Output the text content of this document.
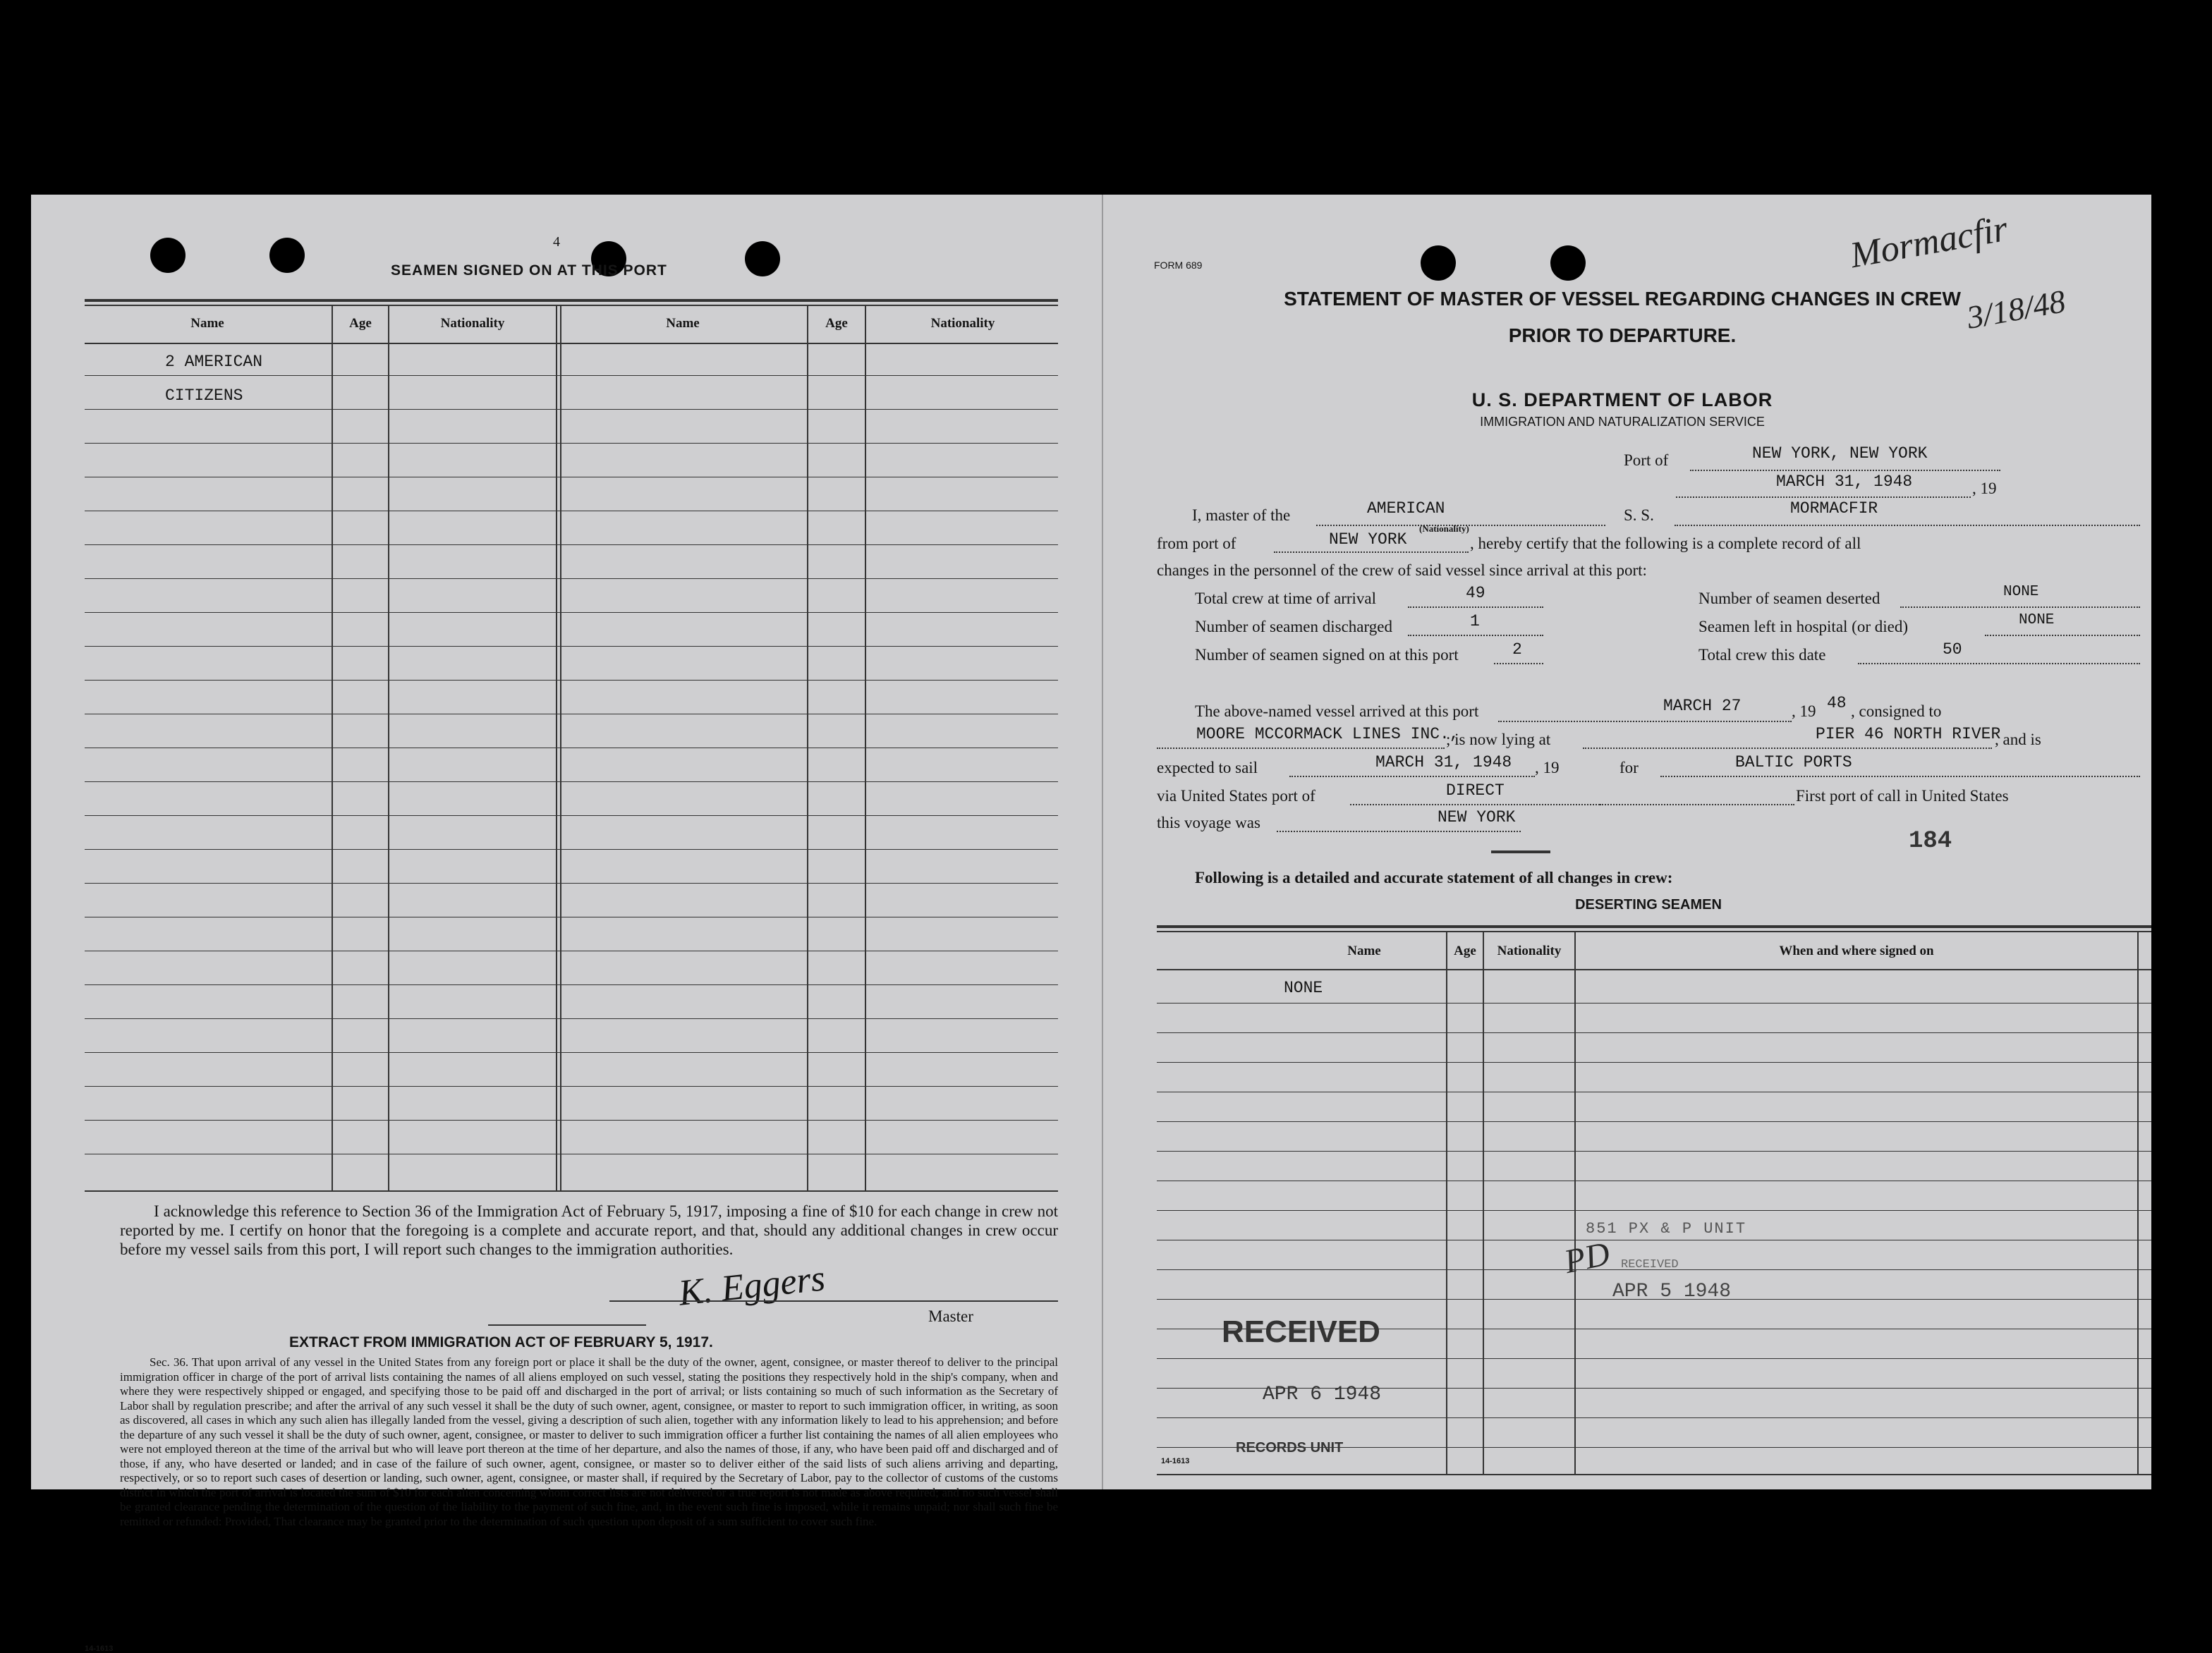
4
SEAMEN SIGNED ON AT THIS PORT
Name	Age	Nationality	Name	Age	Nationality
2 AMERICAN
CITIZENS
I acknowledge this reference to Section 36 of the Immigration Act of February 5, 1917, imposing a fine of $10 for each change in crew not reported by me. I certify on honor that the foregoing is a complete and accurate report, and that, should any additional changes in crew occur before my vessel sails from this port, I will report such changes to the immigration authorities.
K. Eggers
Master
EXTRACT FROM IMMIGRATION ACT OF FEBRUARY 5, 1917.
Sec. 36. That upon arrival of any vessel in the United States from any foreign port or place it shall be the duty of the owner, agent, consignee, or master thereof to deliver to the principal immigration officer in charge of the port of arrival lists containing the names of all aliens employed on such vessel, stating the positions they respectively hold in the ship's company, when and where they were respectively shipped or engaged, and specifying those to be paid off and discharged in the port of arrival; or lists containing so much of such information as the Secretary of Labor shall by regulation prescribe; and after the arrival of any such vessel it shall be the duty of such owner, agent, consignee, or master to report to such immigration officer, in writing, as soon as discovered, all cases in which any such alien has illegally landed from the vessel, giving a description of such alien, together with any information likely to lead to his apprehension; and before the departure of any such vessel it shall be the duty of such owner, agent, consignee, or master to deliver to such immigration officer a further list containing the names of all alien employees who were not employed thereon at the time of the arrival but who will leave port thereon at the time of her departure, and also the names of those, if any, who have been paid off and discharged and of those, if any, who have deserted or landed; and in case of the failure of such owner, agent, consignee, or master so to deliver either of the said lists of such aliens arriving and departing, respectively, or so to report such cases of desertion or landing, such owner, agent, consignee, or master shall, if required by the Secretary of Labor, pay to the collector of customs of the customs district in which the port of arrival is located the sum of $10 for each alien concerning whom correct lists are not delivered or a true report is not made as above required; and no such vessel shall be granted clearance pending the determination of the question of the liability to the payment of such fine, and, in the event such fine is imposed, while it remains unpaid; nor shall such fine be remitted or refunded: Provided, That clearance may be granted prior to the determination of such question upon deposit of a sum sufficient to cover such fine.
14-1613
FORM 689	Mormacfir
3/18/48
STATEMENT OF MASTER OF VESSEL REGARDING CHANGES IN CREW
PRIOR TO DEPARTURE.
U. S. DEPARTMENT OF LABOR
IMMIGRATION AND NATURALIZATION SERVICE
Port of	NEW YORK, NEW YORK
MARCH 31, 1948	, 19
I, master of the	AMERICAN	S. S.	MORMACFIR
from port of	NEW YORK
(Nationality)
, hereby certify that the following is a complete record of all
changes in the personnel of the crew of said vessel since arrival at this port:
Total crew at time of arrival	49	Number of seamen deserted	NONE
Number of seamen discharged	1	Seamen left in hospital (or died)	NONE
Number of seamen signed on at this port	2	Total crew this date	50
The above-named vessel arrived at this port	MARCH 27	, 19 48 , consigned to
MOORE MCCORMACK LINES INC.,
; is now lying at	PIER 46 NORTH RIVER
, and is
expected to sail	MARCH 31, 1948 , 19	for	BALTIC PORTS
via United States port of	DIRECT	First port of call in United States
this voyage was	NEW YORK
184
Following is a detailed and accurate statement of all changes in crew:
DESERTING SEAMEN
Name	Age	Nationality	When and where signed on
NONE
851 PX & P UNIT
RECEIVED
APR 5 1948
PD
RECEIVED
APR 6 1948
RECORDS UNIT
14-1613
